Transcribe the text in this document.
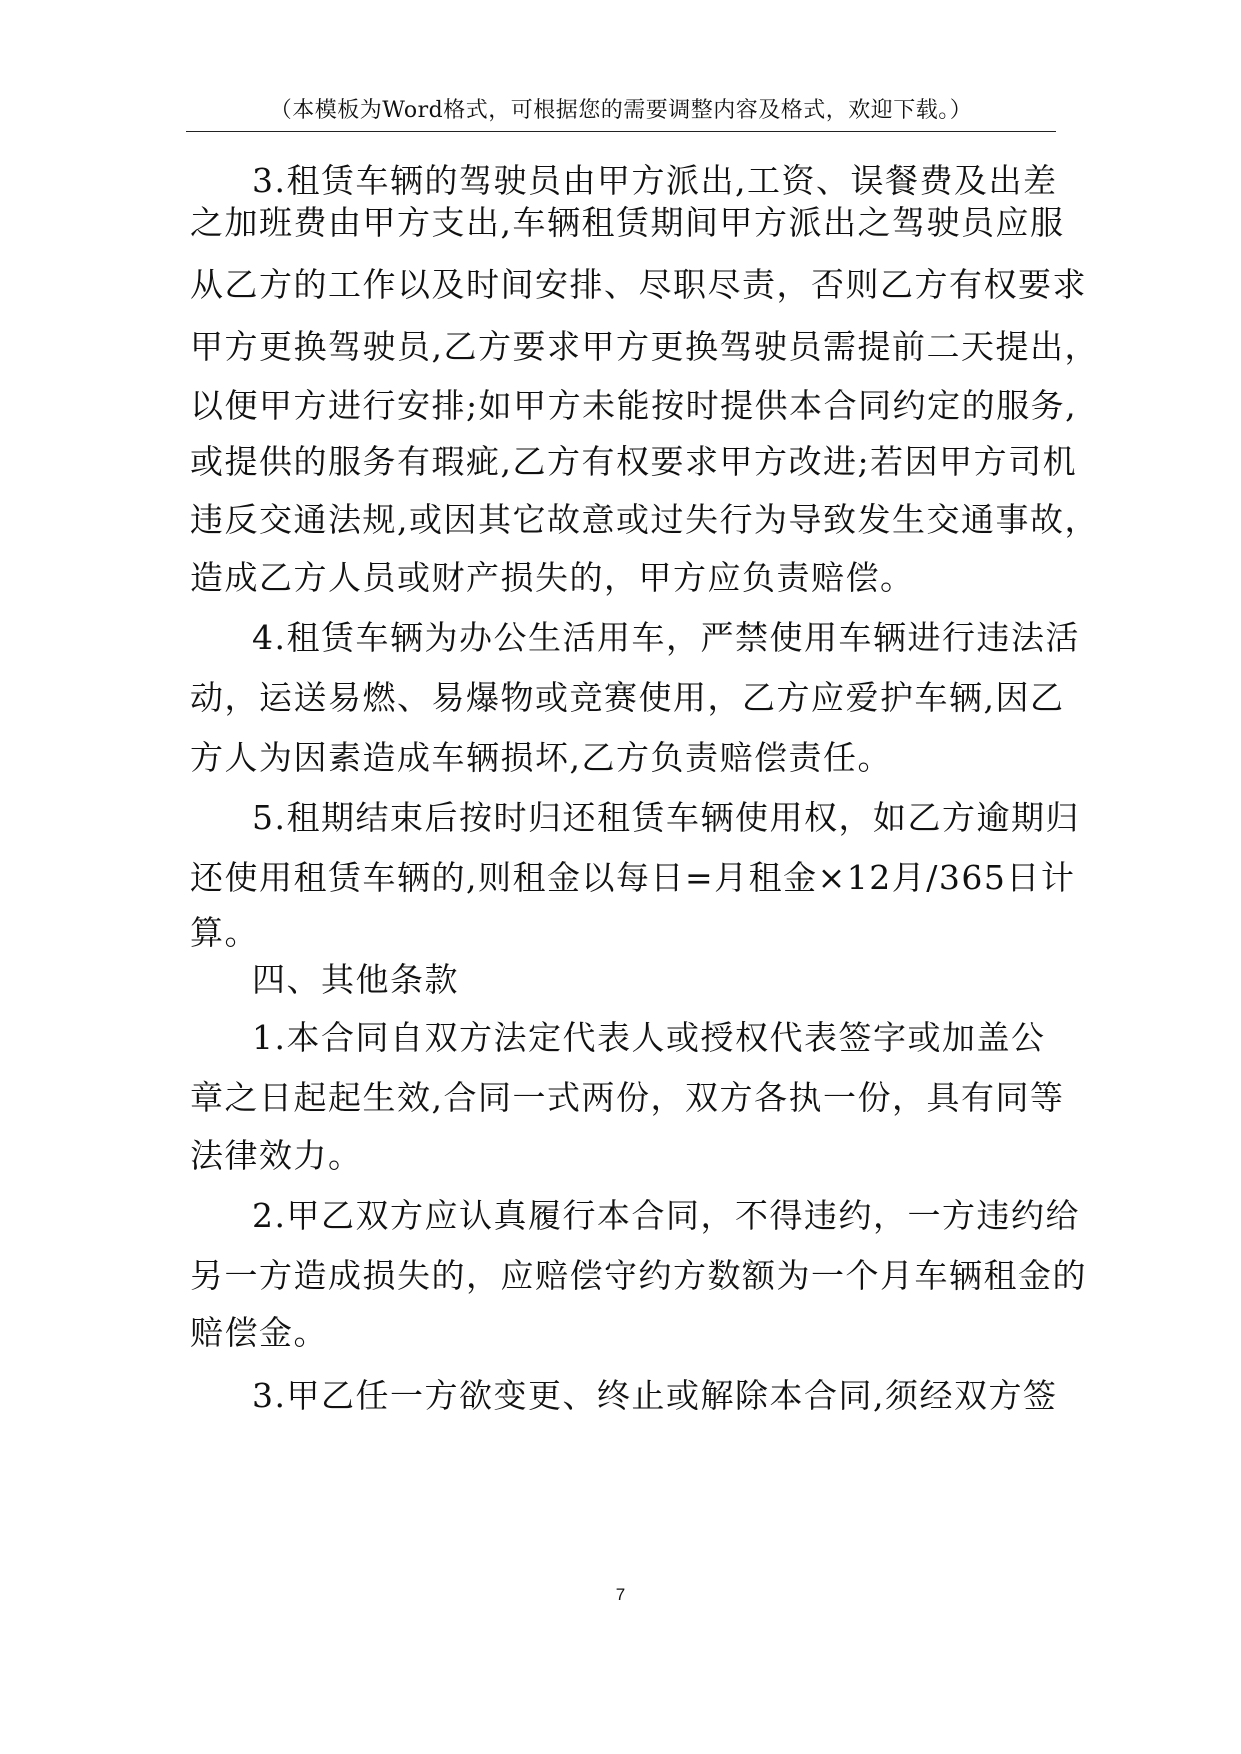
（本模板为Word格式，可根据您的需要调整内容及格式，欢迎下载。）
3.租赁车辆的驾驶员由甲方派出,工资、误餐费及出差
之加班费由甲方支出,车辆租赁期间甲方派出之驾驶员应服
从乙方的工作以及时间安排、尽职尽责，否则乙方有权要求
甲方更换驾驶员,乙方要求甲方更换驾驶员需提前二天提出，
以便甲方进行安排;如甲方未能按时提供本合同约定的服务,
或提供的服务有瑕疵,乙方有权要求甲方改进;若因甲方司机
违反交通法规,或因其它故意或过失行为导致发生交通事故，
造成乙方人员或财产损失的，甲方应负责赔偿。
4.租赁车辆为办公生活用车，严禁使用车辆进行违法活
动，运送易燃、易爆物或竞赛使用，乙方应爱护车辆,因乙
方人为因素造成车辆损坏,乙方负责赔偿责任。
5.租期结束后按时归还租赁车辆使用权，如乙方逾期归
还使用租赁车辆的,则租金以每日=月租金×12月/365日计
算。
四、其他条款
1.本合同自双方法定代表人或授权代表签字或加盖公
章之日起起生效,合同一式两份，双方各执一份，具有同等
法律效力。
2.甲乙双方应认真履行本合同，不得违约，一方违约给
另一方造成损失的，应赔偿守约方数额为一个月车辆租金的
赔偿金。
3.甲乙任一方欲变更、终止或解除本合同,须经双方签
7
